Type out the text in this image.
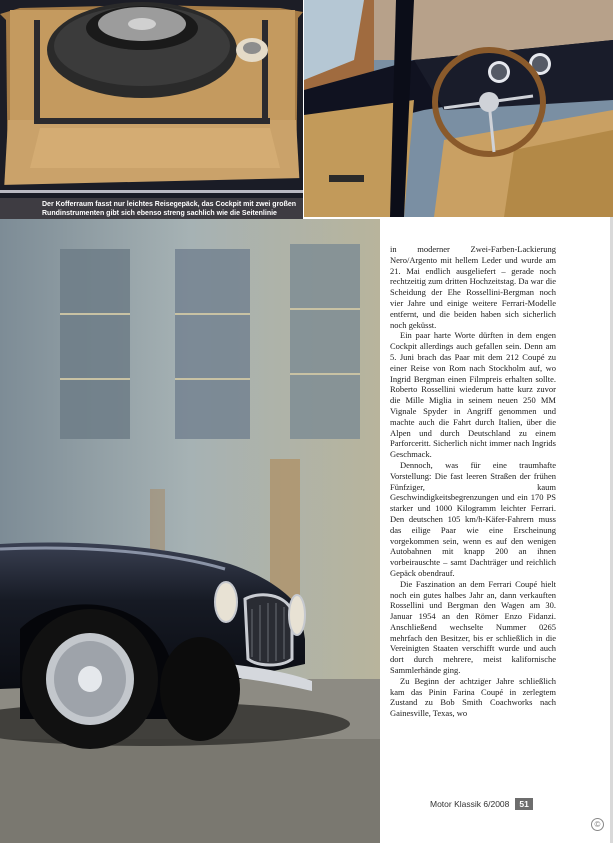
Der Kofferraum fasst nur leichtes Reisegepäck, das Cockpit mit zwei großen
Rundinstrumenten gibt sich ebenso streng sachlich wie die Seitenlinie

in moderner Zwei-Farben-Lackierung Nero/Argento mit hellem Leder und wurde am 21. Mai endlich ausgeliefert – gerade noch rechtzeitig zum dritten Hochzeitstag. Da war die Scheidung der Ehe Rossellini-Bergman noch vier Jahre und einige weitere Ferrari-Modelle entfernt, und die beiden haben sich sicherlich noch geküsst.

Ein paar harte Worte dürften in dem engen Cockpit allerdings auch gefallen sein. Denn am 5. Juni brach das Paar mit dem 212 Coupé zu einer Reise von Rom nach Stockholm auf, wo Ingrid Bergman einen Filmpreis erhalten sollte. Roberto Rossellini wiederum hatte kurz zuvor die Mille Miglia in seinem neuen 250 MM Vignale Spyder in Angriff genommen und machte auch die Fahrt durch Italien, über die Alpen und durch Deutschland zu einem Parforceritt. Sicherlich nicht immer nach Ingrids Geschmack.

Dennoch, was für eine traumhafte Vorstellung: Die fast leeren Straßen der frühen Fünfziger, kaum Geschwindigkeitsbegrenzungen und ein 170 PS starker und 1000 Kilogramm leichter Ferrari. Den deutschen 105 km/h-Käfer-Fahrern muss das eilige Paar wie eine Erscheinung vorgekommen sein, wenn es auf den wenigen Autobahnen mit knapp 200 an ihnen vorbeirauschte – samt Dachträger und reichlich Gepäck obendrauf.

Die Faszination an dem Ferrari Coupé hielt noch ein gutes halbes Jahr an, dann verkauften Rossellini und Bergman den Wagen am 30. Januar 1954 an den Römer Enzo Fidanzi. Anschließend wechselte Nummer 0265 mehrfach den Besitzer, bis er schließlich in die Vereinigten Staaten verschifft wurde und auch dort durch mehrere, meist kalifornische Sammlerhände ging.

Zu Beginn der achtziger Jahre schließlich kam das Pinin Farina Coupé in zerlegtem Zustand zu Bob Smith Coachworks nach Gainesville, Texas, wo

Motor Klassik 6/2008	51
©
